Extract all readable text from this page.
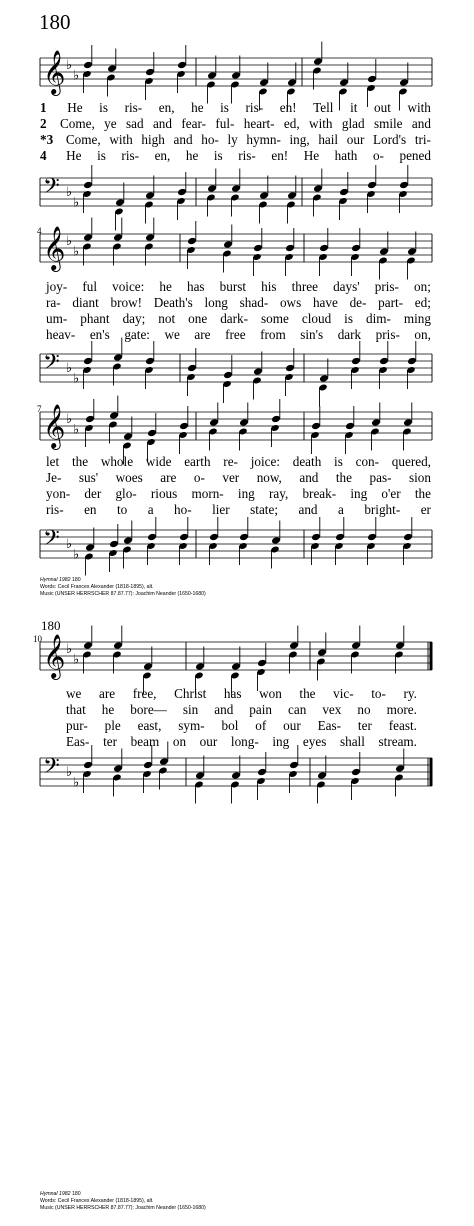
180
180
4
7
10
𝄞 ♭
♭
𝄢 ♭
♭
1 He is ris- en, he is ris- en! Tell it out with
2 Come, ye sad and fear- ful- heart- ed, with glad smile and
*3 Come, with high and ho- ly hymn- ing, hail our Lord's tri-
4 He is ris- en, he is ris- en! He hath o- pened
𝄞 ♭
♭
𝄢 ♭
♭
joy- ful voice: he has burst his three days' pris- on;
ra- diant brow! Death's long shad- ows have de- part- ed;
um- phant day; not one dark- some cloud is dim- ming
heav- en's gate: we are free from sin's dark pris- on,
𝄞 ♭
♭
𝄢 ♭
♭
let the whole wide earth re- joice: death is con- quered,
Je- sus' woes are o- ver now, and the pas- sion
yon- der glo- rious morn- ing ray, break- ing o'er the
ris- en to a ho- lier state; and a bright- er
Hymnal 1982 180
Words: Cecil Frances Alexander (1818-1895), alt.
Music (UNSER HERRSCHER 87.87.77): Joachim Neander (1650-1680)
𝄞 ♭
♭
𝄢 ♭
♭
we are free, Christ has won the vic- to- ry.
that he bore— sin and pain can vex no more.
pur- ple east, sym- bol of our Eas- ter feast.
Eas- ter beam on our long- ing eyes shall stream.
Hymnal 1982 180
Words: Cecil Frances Alexander (1818-1895), alt.
Music (UNSER HERRSCHER 87.87.77): Joachim Neander (1650-1680)
